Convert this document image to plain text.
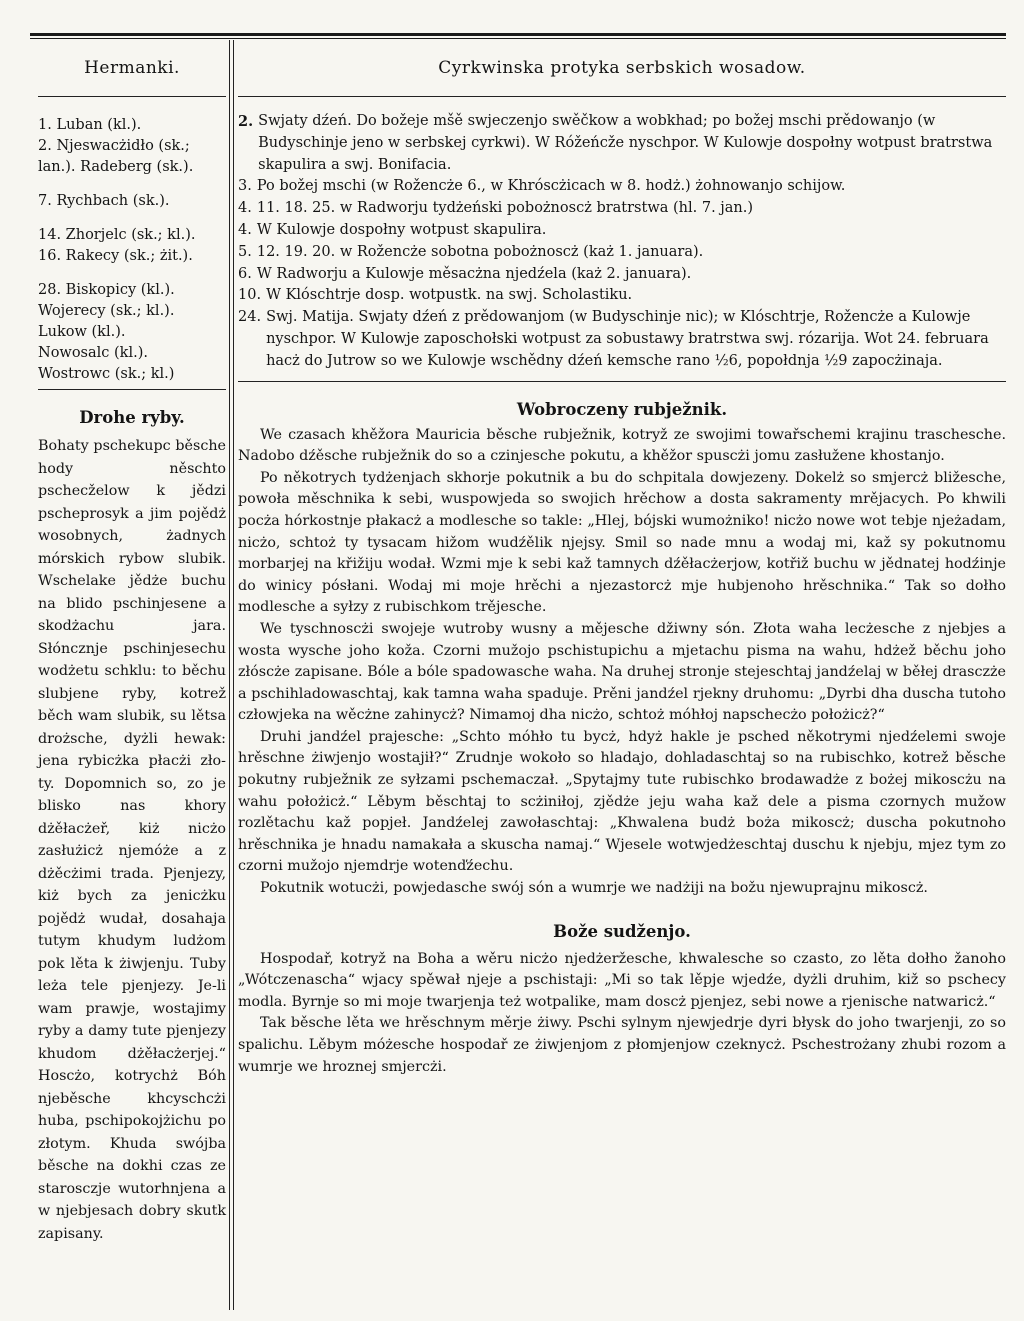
Hermanki.
1. Luban (kl.).
2. Njeswacżidło (sk.; lan.). Radeberg (sk.).
7. Rychbach (sk.).
14. Zhorjelc (sk.; kl.).
16. Rakecy (sk.; żit.).
28. Biskopicy (kl.).
Wojerecy (sk.; kl.).
Lukow (kl.).
Nowosalc (kl.).
Wostrowc (sk.; kl.)
Drohe ryby.

Bohaty pschekupc běsche hody něschto pschecželow k jědzi pscheprosyk a jim pojědż wosobnych, żadnych mórskich rybow slubik. Wschelake jědże buchu na blido pschinjesene a skodżachu jara. Słóncznje pschinjesechu wodżetu schklu: to běchu slubjene ryby, kotrež běch wam slubik, su lětsa drożsche, dyżli hewak: jena rybicżka płacżi zło-ty. Dopomnich so, zo je blisko nas khory dżěłacżeř, kiż nicżo zasłużicż njemóże a z dżěcżimi trada. Pjenjezy, kiż bych za jenicżku pojědż wudał, dosahaja tutym khudym ludżom pok lěta k żiwjenju. Tuby leża tele pjenjezy. Je-li wam prawje, wostajimy ryby a damy tute pjenjezy khudom dżěłacżerjej.“ Hoscżo, kotrychż Bóh njeběsche khcyschcżi huba, pschipokojżichu po złotym. Khuda swójba běsche na dokhi czas ze starosczje wutorhnjena a w njebjesach dobry skutk zapisany.

Cyrkwinska protyka serbskich wosadow.
2. Swjaty dźeń. Do božeje mšě swjeczenjo swěčkow a wobkhad; po božej mschi prědowanjo (w Budyschinje jeno w serbskej cyrkwi). W Róžeńcže nyschpor. W Kulowje dospołny wotpust bratrstwa skapulira a swj. Bonifacia.
3. Po božej mschi (w Rožencże 6., w Khróscżicach w 8. hodż.) żohnowanjo schijow.
4. 11. 18. 25. w Radworju tydżeński pobożnoscż bratrstwa (hl. 7. jan.)
4. W Kulowje dospołny wotpust skapulira.
5. 12. 19. 20. w Rožencże sobotna pobożnoscż (każ 1. januara).
6. W Radworju a Kulowje měsacżna njedźela (każ 2. januara).
10. W Klóschtrje dosp. wotpustk. na swj. Scholastiku.
24. Swj. Matija. Swjaty dźeń z prědowanjom (w Budyschinje nic); w Klóschtrje, Rožencże a Kulowje nyschpor. W Kulowje zaposchołski wotpust za sobustawy bratrstwa swj. rózarija. Wot 24. februara hacż do Jutrow so we Kulowje wschědny dźeń kemsche rano ½6, popołdnja ½9 zapocżinaja.
Wobroczeny rubježnik.

We czasach khěžora Mauricia běsche rubježnik, kotryž ze swojimi towařschemi krajinu traschesche. Nadobo dźěsche rubježnik do so a czinjesche pokutu, a khěžor spuscżi jomu zasłužene khostanjo.

Po někotrych tydżenjach skhorje pokutnik a bu do schpitala dowjezeny. Dokelż so smjercż bližesche, powoła měschnika k sebi, wuspowjeda so swojich hrěchow a dosta sakramenty mrějacych. Po khwili pocża hórkostnje płakacż a modlesche so takle: „Hlej, bójski wumożniko! nicżo nowe wot tebje njeżadam, nicżo, schtoż ty tysacam hižom wudźělik njejsy. Smil so nade mnu a wodaj mi, kaž sy pokutnomu morbarjej na křižiju wodał. Wzmi mje k sebi kaž tamnych dźěłacżerjow, kotřiž buchu w jědnatej hodźinje do winicy pósłani. Wodaj mi moje hrěchi a njezastorcż mje hubjenoho hrěschnika.“ Tak so dołho modlesche a syłzy z rubischkom trějesche.

We tyschnoscżi swojeje wutroby wusny a mějesche džiwny són. Złota waha lecżesche z njebjes a wosta wysche joho koža. Czorni mužojo pschistupichu a mjetachu pisma na wahu, hdżež běchu joho złóscże zapisane. Bóle a bóle spadowasche waha. Na druhej stronje stejeschtaj jandźelaj w běłej drasczże a pschihladowaschtaj, kak tamna waha spaduje. Prěni jandźel rjekny druhomu: „Dyrbi dha duscha tutoho człowjeka na wěcżne zahinycż? Nimamoj dha nicżo, schtoż móhłoj napschecżo położicż?“

Druhi jandźel prajesche: „Schto móhło tu bycż, hdyż hakle je psched někotrymi njedźelemi swoje hrěschne żiwjenjo wostajił?“ Zrudnje wokoło so hladajo, dohladaschtaj so na rubischko, kotrež běsche pokutny rubježnik ze syłzami pschemaczał. „Spytajmy tute rubischko brodawadże z bożej mikoscżu na wahu położicż.“ Lěbym běschtaj to scżiniłoj, zjědże jeju waha kaž dele a pisma czornych mužow rozlětachu kaž popjeł. Jandźelej zawołaschtaj: „Khwalena budż boża mikoscż; duscha pokutnoho hrěschnika je hnadu namakała a skuscha namaj.“ Wjesele wotwjedżeschtaj duschu k njebju, mjez tym zo czorni mužojo njemdrje wotenďźechu.

Pokutnik wotucżi, powjedasche swój són a wumrje we nadżiji na božu njewuprajnu mikoscż.

Bože sudženjo.

Hospodař, kotryž na Boha a wěru nicżo njedżeržesche, khwalesche so czasto, zo lěta dołho žanoho „Wótczenascha“ wjacy spěwał njeje a pschistaji: „Mi so tak lěpje wjedźe, dyżli druhim, kiž so pschecy modla. Byrnje so mi moje twarjenja też wotpalike, mam doscż pjenjez, sebi nowe a rjenische natwaricż.“

Tak běsche lěta we hrěschnym měrje żiwy. Pschi sylnym njewjedrje dyri błysk do joho twarjenji, zo so spalichu. Lěbym móżesche hospodař ze żiwjenjom z płomjenjow czeknycż. Pschestrożany zhubi rozom a wumrje we hroznej smjercżi.
